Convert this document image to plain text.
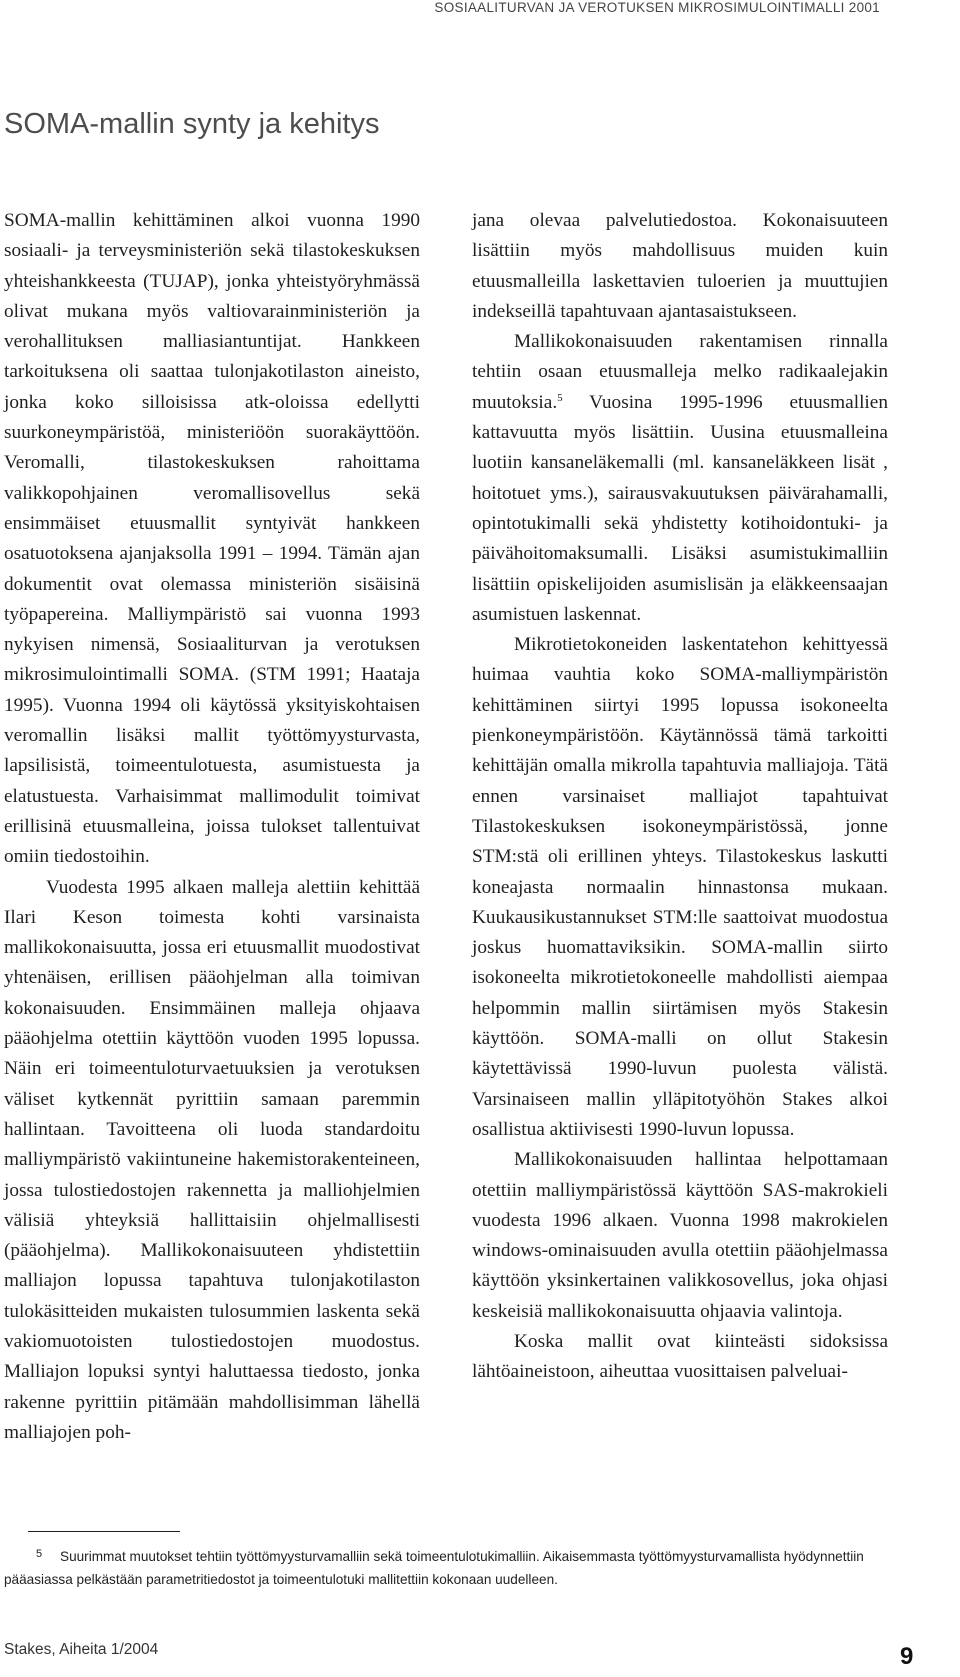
SOSIAALITURVAN JA VEROTUKSEN MIKROSIMULOINTIMALLI 2001
SOMA-mallin synty ja kehitys

SOMA-mallin kehittäminen alkoi vuonna 1990 sosiaali- ja terveysministeriön sekä tilastokeskuksen yhteishankkeesta (TUJAP), jonka yhteistyöryhmässä olivat mukana myös valtiovarainministeriön ja verohallituksen malliasiantuntijat. Hankkeen tarkoituksena oli saattaa tulonjakotilaston aineisto, jonka koko silloisissa atk-oloissa edellytti suurkoneympäristöä, ministeriöön suorakäyttöön. Veromalli, tilastokeskuksen rahoittama valikkopohjainen veromallisovellus sekä ensimmäiset etuusmallit syntyivät hankkeen osatuotoksena ajanjaksolla 1991 – 1994. Tämän ajan dokumentit ovat olemassa ministeriön sisäisinä työpapereina. Malliympäristö sai vuonna 1993 nykyisen nimensä, Sosiaaliturvan ja verotuksen mikrosimulointimalli SOMA. (STM 1991; Haataja 1995). Vuonna 1994 oli käytössä yksityiskohtaisen veromallin lisäksi mallit työttömyysturvasta, lapsilisistä, toimeentulotuesta, asumistuesta ja elatustuesta. Varhaisimmat mallimodulit toimivat erillisinä etuusmalleina, joissa tulokset tallentuivat omiin tiedostoihin.

Vuodesta 1995 alkaen malleja alettiin kehittää Ilari Keson toimesta kohti varsinaista mallikokonaisuutta, jossa eri etuusmallit muodostivat yhtenäisen, erillisen pääohjelman alla toimivan kokonaisuuden. Ensimmäinen malleja ohjaava pääohjelma otettiin käyttöön vuoden 1995 lopussa. Näin eri toimeentuloturvaetuuksien ja verotuksen väliset kytkennät pyrittiin samaan paremmin hallintaan. Tavoitteena oli luoda standardoitu malliympäristö vakiintuneine hakemistorakenteineen, jossa tulostiedostojen rakennetta ja malliohjelmien välisiä yhteyksiä hallittaisiin ohjelmallisesti (pääohjelma). Mallikokonaisuuteen yhdistettiin malliajon lopussa tapahtuva tulonjakotilaston tulokäsitteiden mukaisten tulosummien laskenta sekä vakiomuotoisten tulostiedostojen muodostus. Malliajon lopuksi syntyi haluttaessa tiedosto, jonka rakenne pyrittiin pitämään mahdollisimman lähellä malliajojen poh-

jana olevaa palvelutiedostoa. Kokonaisuuteen lisättiin myös mahdollisuus muiden kuin etuusmalleilla laskettavien tuloerien ja muuttujien indekseillä tapahtuvaan ajantasaistukseen.

Mallikokonaisuuden rakentamisen rinnalla tehtiin osaan etuusmalleja melko radikaalejakin muutoksia.$^5$ Vuosina 1995-1996 etuusmallien kattavuutta myös lisättiin. Uusina etuusmalleina luotiin kansaneläkemalli (ml. kansaneläkkeen lisät , hoitotuet yms.), sairausvakuutuksen päivärahamalli, opintotukimalli sekä yhdistetty kotihoidontuki- ja päivähoitomaksumalli. Lisäksi asumistukimalliin lisättiin opiskelijoiden asumislisän ja eläkkeensaajan asumistuen laskennat.

Mikrotietokoneiden laskentatehon kehittyessä huimaa vauhtia koko SOMA-malliympäristön kehittäminen siirtyi 1995 lopussa isokoneelta pienkoneympäristöön. Käytännössä tämä tarkoitti kehittäjän omalla mikrolla tapahtuvia malliajoja. Tätä ennen varsinaiset malliajot tapahtuivat Tilastokeskuksen isokoneympäristössä, jonne STM:stä oli erillinen yhteys. Tilastokeskus laskutti koneajasta normaalin hinnastonsa mukaan. Kuukausikustannukset STM:lle saattoivat muodostua joskus huomattaviksikin. SOMA-mallin siirto isokoneelta mikrotietokoneelle mahdollisti aiempaa helpommin mallin siirtämisen myös Stakesin käyttöön. SOMA-malli on ollut Stakesin käytettävissä 1990-luvun puolesta välistä. Varsinaiseen mallin ylläpitotyöhön Stakes alkoi osallistua aktiivisesti 1990-luvun lopussa.

Mallikokonaisuuden hallintaa helpottamaan otettiin malliympäristössä käyttöön SAS-makrokieli vuodesta 1996 alkaen. Vuonna 1998 makrokielen windows-ominaisuuden avulla otettiin pääohjelmassa käyttöön yksinkertainen valikkosovellus, joka ohjasi keskeisiä mallikokonaisuutta ohjaavia valintoja.

Koska mallit ovat kiinteästi sidoksissa lähtöaineistoon, aiheuttaa vuosittaisen palveluai-

5 Suurimmat muutokset tehtiin työttömyysturvamalliin sekä toimeentulotukimalliin. Aikaisemmasta työttömyysturvamallista hyödynnettiin pääasiassa pelkästään parametritiedostot ja toimeentulotuki mallitettiin kokonaan uudelleen.
Stakes, Aiheita 1/2004	9
